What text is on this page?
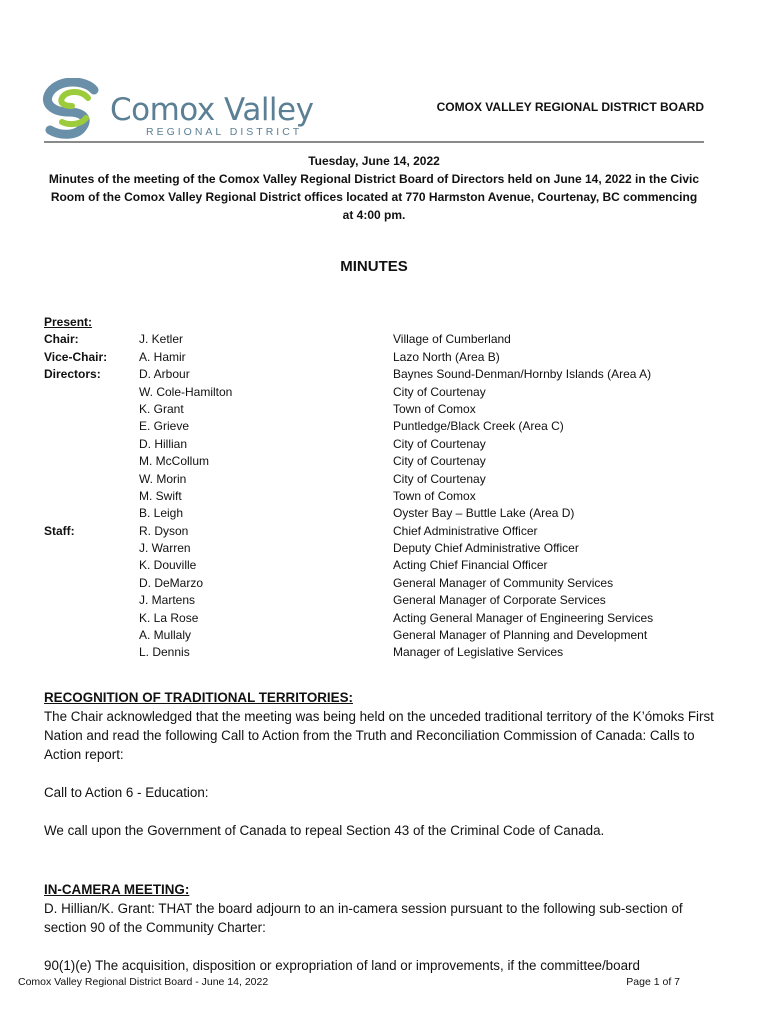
Comox Valley
REGIONAL DISTRICT
COMOX VALLEY REGIONAL DISTRICT BOARD
Tuesday, June 14, 2022
Minutes of the meeting of the Comox Valley Regional District Board of Directors held on June 14, 2022 in the Civic Room of the Comox Valley Regional District offices located at 770 Harmston Avenue, Courtenay, BC commencing at 4:00 pm.
MINUTES
Present:
Chair:	J. Ketler	Village of Cumberland
Vice-Chair:	A. Hamir	Lazo North (Area B)
Directors:	D. Arbour	Baynes Sound-Denman/Hornby Islands (Area A)
W. Cole-Hamilton	City of Courtenay
K. Grant	Town of Comox
E. Grieve	Puntledge/Black Creek (Area C)
D. Hillian	City of Courtenay
M. McCollum	City of Courtenay
W. Morin	City of Courtenay
M. Swift	Town of Comox
B. Leigh	Oyster Bay – Buttle Lake (Area D)
Staff:	R. Dyson	Chief Administrative Officer
J. Warren	Deputy Chief Administrative Officer
K. Douville	Acting Chief Financial Officer
D. DeMarzo	General Manager of Community Services
J. Martens	General Manager of Corporate Services
K. La Rose	Acting General Manager of Engineering Services
A. Mullaly	General Manager of Planning and Development
L. Dennis	Manager of Legislative Services
RECOGNITION OF TRADITIONAL TERRITORIES:

The Chair acknowledged that the meeting was being held on the unceded traditional territory of the K’ómoks First Nation and read the following Call to Action from the Truth and Reconciliation Commission of Canada: Calls to Action report:

Call to Action 6 - Education:

We call upon the Government of Canada to repeal Section 43 of the Criminal Code of Canada.

IN-CAMERA MEETING:

D. Hillian/K. Grant: THAT the board adjourn to an in-camera session pursuant to the following sub-section of section 90 of the Community Charter:

90(1)(e) The acquisition, disposition or expropriation of land or improvements, if the committee/board

Comox Valley Regional District Board - June 14, 2022	Page 1 of 7
